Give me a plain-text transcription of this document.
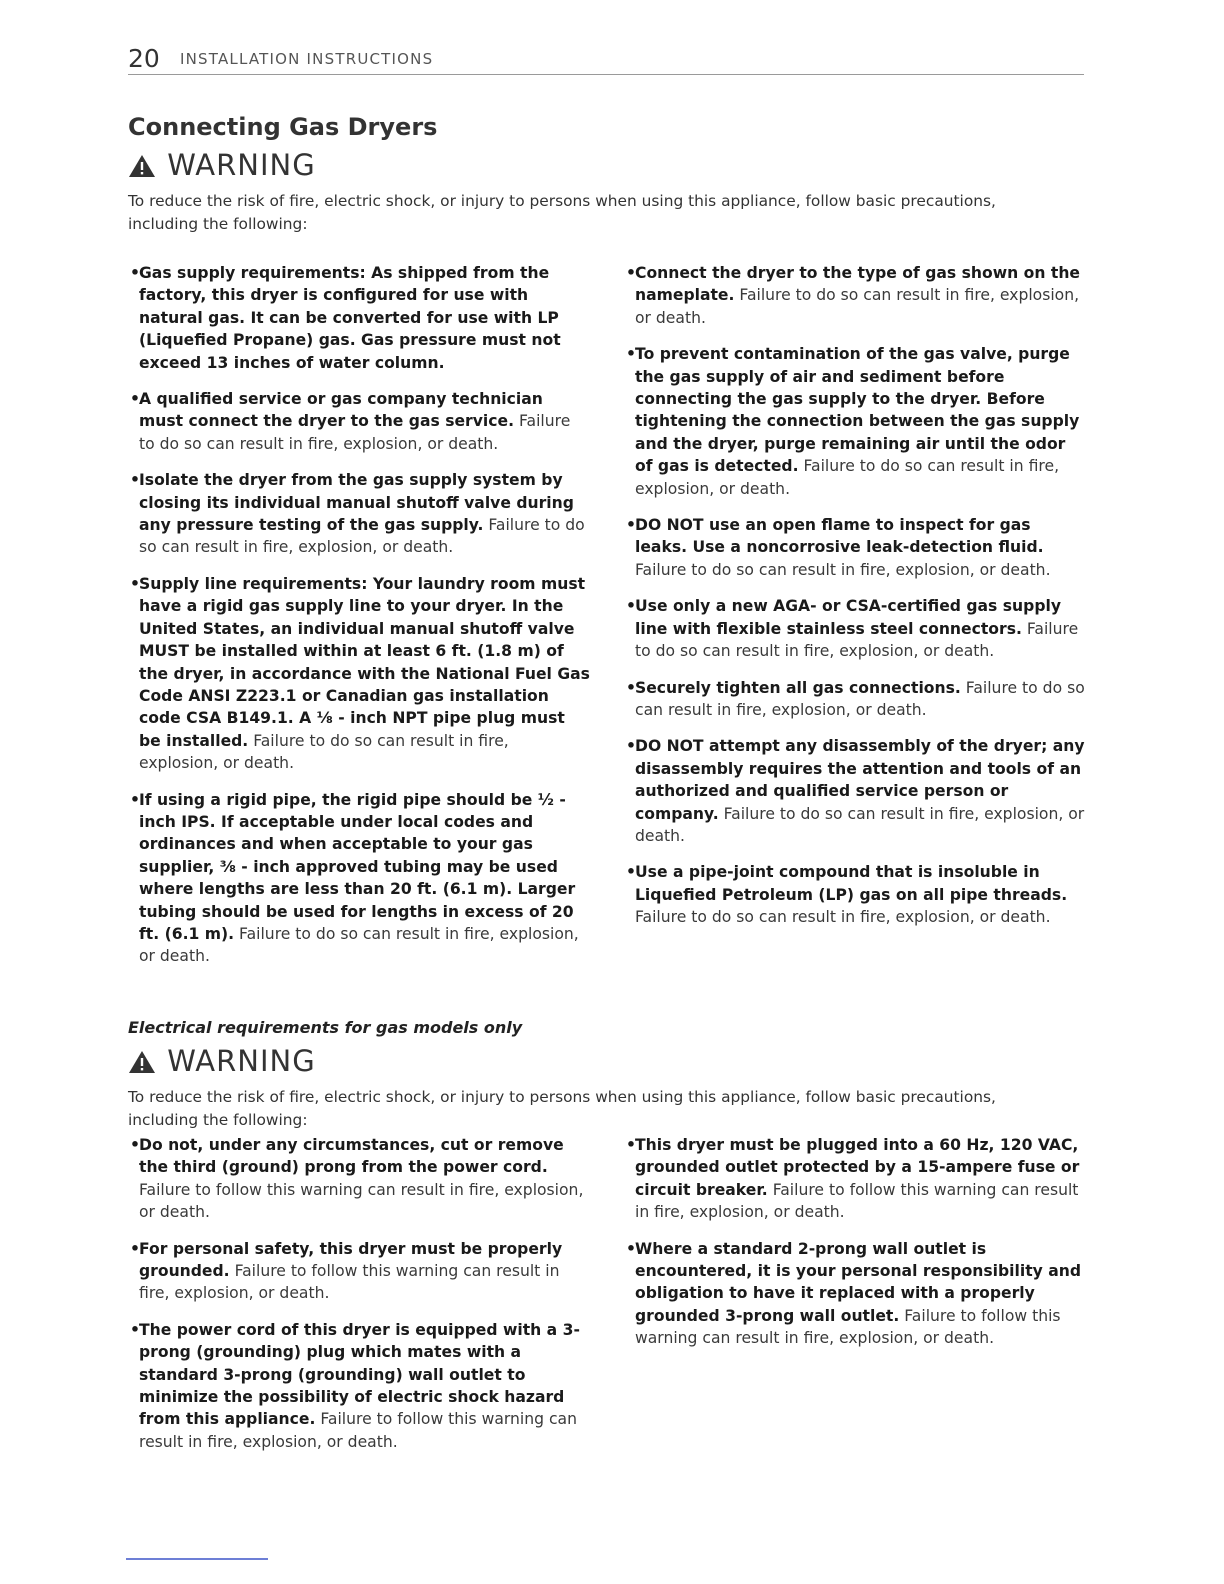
20 INSTALLATION INSTRUCTIONS
Connecting Gas Dryers
WARNING
To reduce the risk of fire, electric shock, or injury to persons when using this appliance, follow basic precautions, including the following:
• Gas supply requirements: As shipped from the factory, this dryer is configured for use with natural gas. It can be converted for use with LP (Liquefied Propane) gas. Gas pressure must not exceed 13 inches of water column.
• A qualified service or gas company technician must connect the dryer to the gas service. Failure to do so can result in fire, explosion, or death.
• Isolate the dryer from the gas supply system by closing its individual manual shutoff valve during any pressure testing of the gas supply. Failure to do so can result in fire, explosion, or death.
• Supply line requirements: Your laundry room must have a rigid gas supply line to your dryer. In the United States, an individual manual shutoff valve MUST be installed within at least 6 ft. (1.8 m) of the dryer, in accordance with the National Fuel Gas Code ANSI Z223.1 or Canadian gas installation code CSA B149.1. A ⅛ - inch NPT pipe plug must be installed. Failure to do so can result in fire, explosion, or death.
• If using a rigid pipe, the rigid pipe should be ½ - inch IPS. If acceptable under local codes and ordinances and when acceptable to your gas supplier, ⅜ - inch approved tubing may be used where lengths are less than 20 ft. (6.1 m). Larger tubing should be used for lengths in excess of 20 ft. (6.1 m). Failure to do so can result in fire, explosion, or death.
• Connect the dryer to the type of gas shown on the nameplate. Failure to do so can result in fire, explosion, or death.
• To prevent contamination of the gas valve, purge the gas supply of air and sediment before connecting the gas supply to the dryer. Before tightening the connection between the gas supply and the dryer, purge remaining air until the odor of gas is detected. Failure to do so can result in fire, explosion, or death.
• DO NOT use an open flame to inspect for gas leaks. Use a noncorrosive leak-detection fluid. Failure to do so can result in fire, explosion, or death.
• Use only a new AGA- or CSA-certified gas supply line with flexible stainless steel connectors. Failure to do so can result in fire, explosion, or death.
• Securely tighten all gas connections. Failure to do so can result in fire, explosion, or death.
• DO NOT attempt any disassembly of the dryer; any disassembly requires the attention and tools of an authorized and qualified service person or company. Failure to do so can result in fire, explosion, or death.
• Use a pipe-joint compound that is insoluble in Liquefied Petroleum (LP) gas on all pipe threads. Failure to do so can result in fire, explosion, or death.
Electrical requirements for gas models only
WARNING
To reduce the risk of fire, electric shock, or injury to persons when using this appliance, follow basic precautions, including the following:
• Do not, under any circumstances, cut or remove the third (ground) prong from the power cord. Failure to follow this warning can result in fire, explosion, or death.
• For personal safety, this dryer must be properly grounded. Failure to follow this warning can result in fire, explosion, or death.
• The power cord of this dryer is equipped with a 3-prong (grounding) plug which mates with a standard 3-prong (grounding) wall outlet to minimize the possibility of electric shock hazard from this appliance. Failure to follow this warning can result in fire, explosion, or death.
• This dryer must be plugged into a 60 Hz, 120 VAC, grounded outlet protected by a 15-ampere fuse or circuit breaker. Failure to follow this warning can result in fire, explosion, or death.
• Where a standard 2-prong wall outlet is encountered, it is your personal responsibility and obligation to have it replaced with a properly grounded 3-prong wall outlet. Failure to follow this warning can result in fire, explosion, or death.
